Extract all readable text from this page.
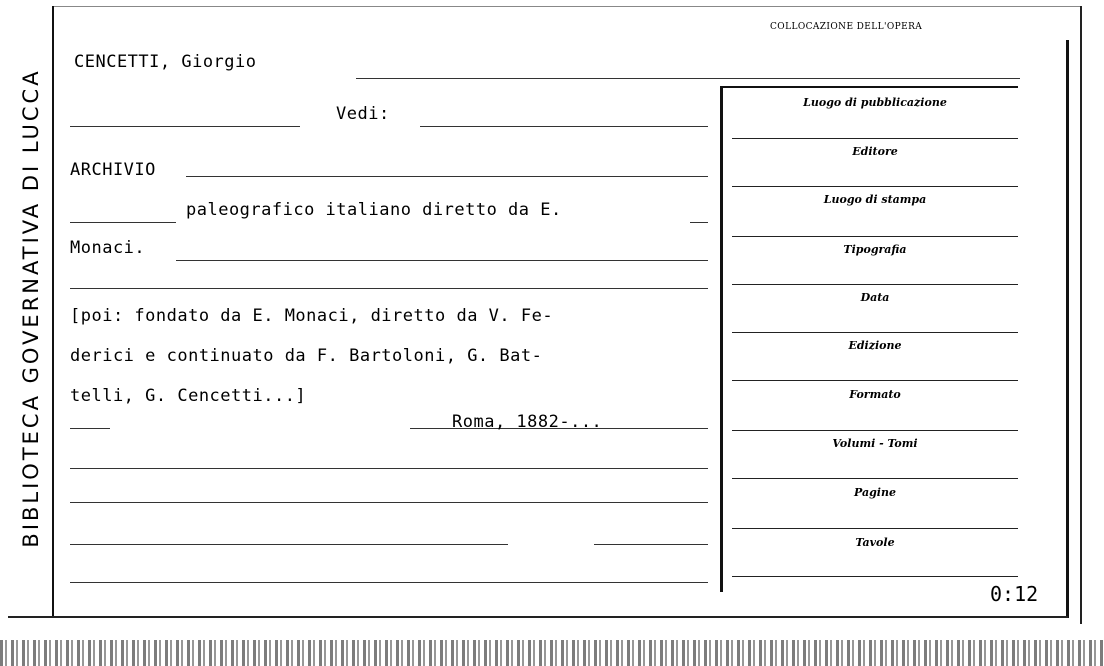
BIBLIOTECA GOVERNATIVA DI LUCCA
CENCETTI, Giorgio
Vedi:
ARCHIVIO
paleografico italiano diretto da E.
Monaci.
[poi: fondato da E. Monaci, diretto da V. Fe-
derici e continuato da F. Bartoloni, G. Bat-
telli, G. Cencetti...]
Roma, 1882-...
COLLOCAZIONE DELL'OPERA
Luogo di pubblicazione
Editore
Luogo di stampa
Tipografia
Data
Edizione
Formato
Volumi - Tomi
Pagine
Tavole
0:12
